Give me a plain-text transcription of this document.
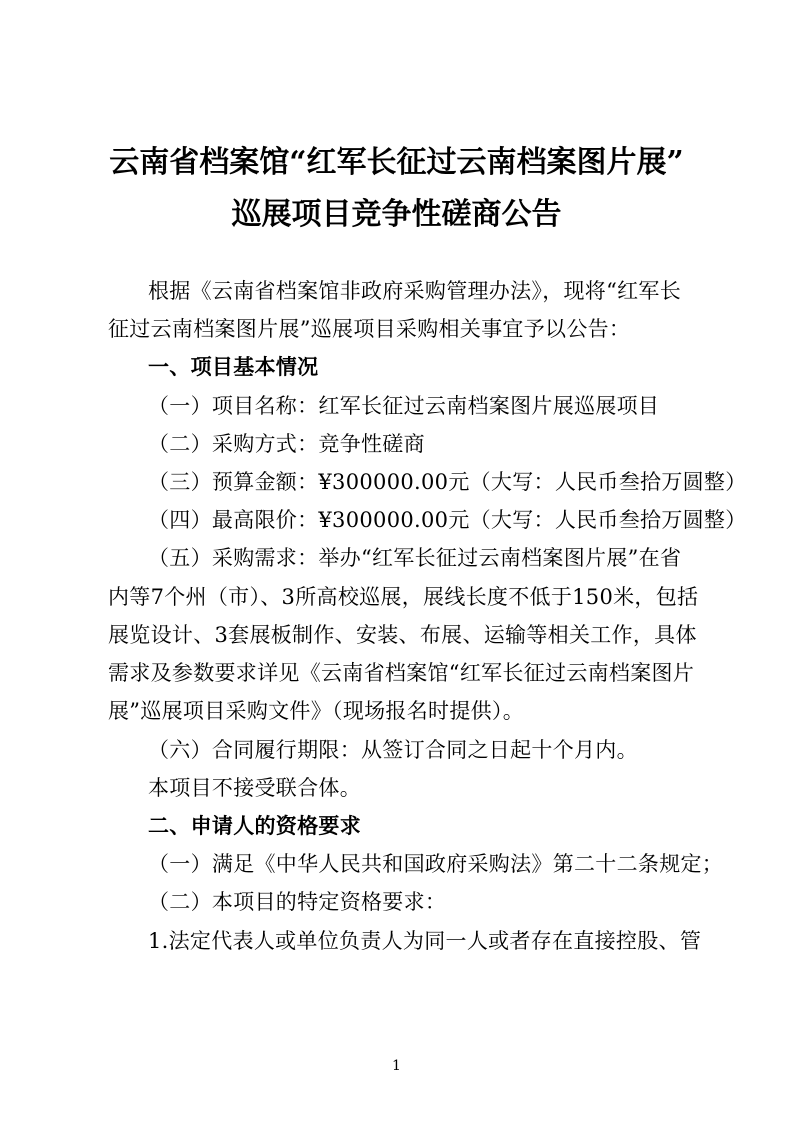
云南省档案馆“红军长征过云南档案图片展”
巡展项目竞争性磋商公告
根据《云南省档案馆非政府采购管理办法》，现将“红军长
征过云南档案图片展”巡展项目采购相关事宜予以公告：
一、项目基本情况
（一）项目名称：红军长征过云南档案图片展巡展项目
（二）采购方式：竞争性磋商
（三）预算金额：¥300000.00元（大写：人民币叁拾万圆整）
（四）最高限价：¥300000.00元（大写：人民币叁拾万圆整）
（五）采购需求：举办“红军长征过云南档案图片展”在省
内等7个州（市）、3所高校巡展，展线长度不低于150米，包括
展览设计、3套展板制作、安装、布展、运输等相关工作，具体
需求及参数要求详见《云南省档案馆“红军长征过云南档案图片
展”巡展项目采购文件》（现场报名时提供）。
（六）合同履行期限：从签订合同之日起十个月内。
本项目不接受联合体。
二、申请人的资格要求
（一）满足《中华人民共和国政府采购法》第二十二条规定；
（二）本项目的特定资格要求：
1.法定代表人或单位负责人为同一人或者存在直接控股、管
1
